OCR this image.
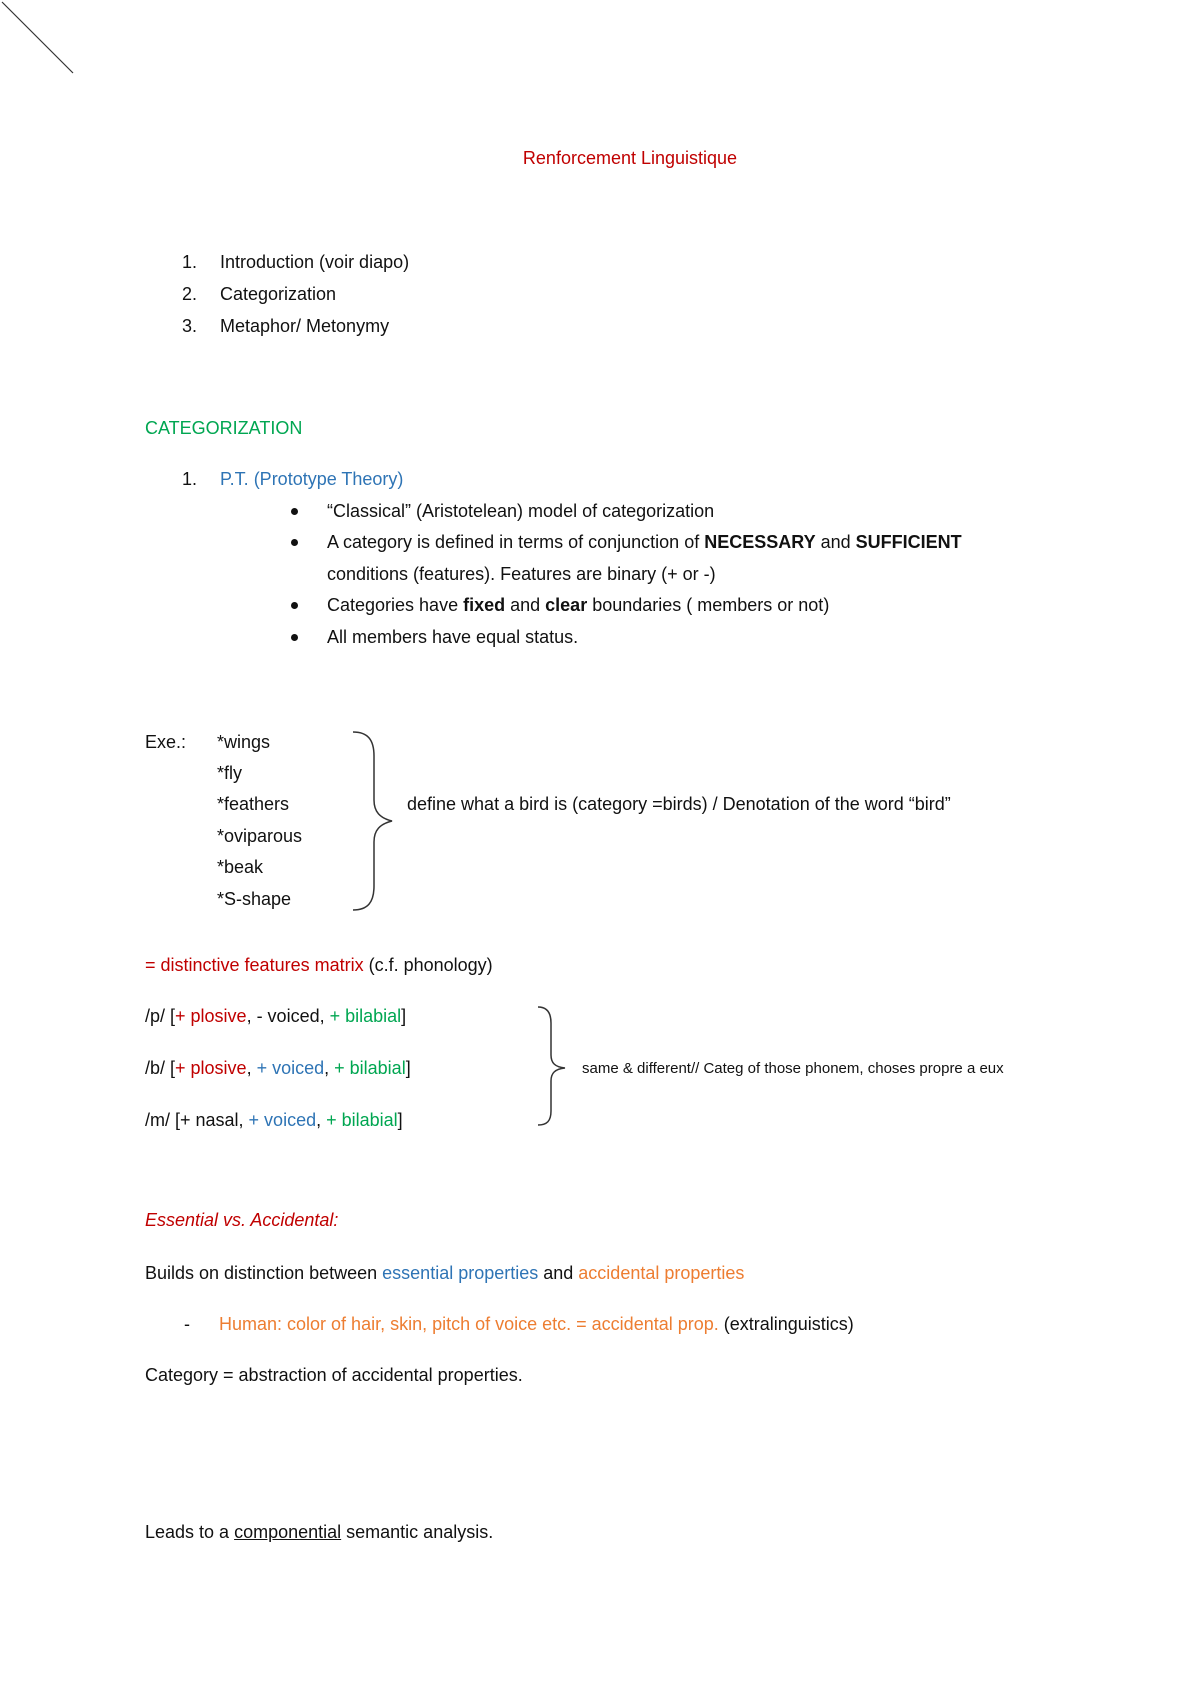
Renforcement Linguistique
1. Introduction (voir diapo)
2. Categorization
3. Metaphor/ Metonymy
CATEGORIZATION
1. P.T. (Prototype Theory)
“Classical” (Aristotelean) model of categorization
A category is defined in terms of conjunction of NECESSARY and SUFFICIENT
conditions (features). Features are binary (+ or -)
Categories have fixed and clear boundaries ( members or not)
All members have equal status.
Exe.: *wings
*fly
*feathers
*oviparous
*beak
*S-shape
define what a bird is (category =birds) / Denotation of the word “bird”
= distinctive features matrix (c.f. phonology)
/p/ [+ plosive, - voiced, + bilabial]
/b/ [+ plosive, + voiced, + bilabial]
/m/ [+ nasal, + voiced, + bilabial]
same & different// Categ of those phonem, choses propre a eux
Essential vs. Accidental:
Builds on distinction between essential properties and accidental properties
- Human: color of hair, skin, pitch of voice etc. = accidental prop. (extralinguistics)
Category = abstraction of accidental properties.
Leads to a componential semantic analysis.
